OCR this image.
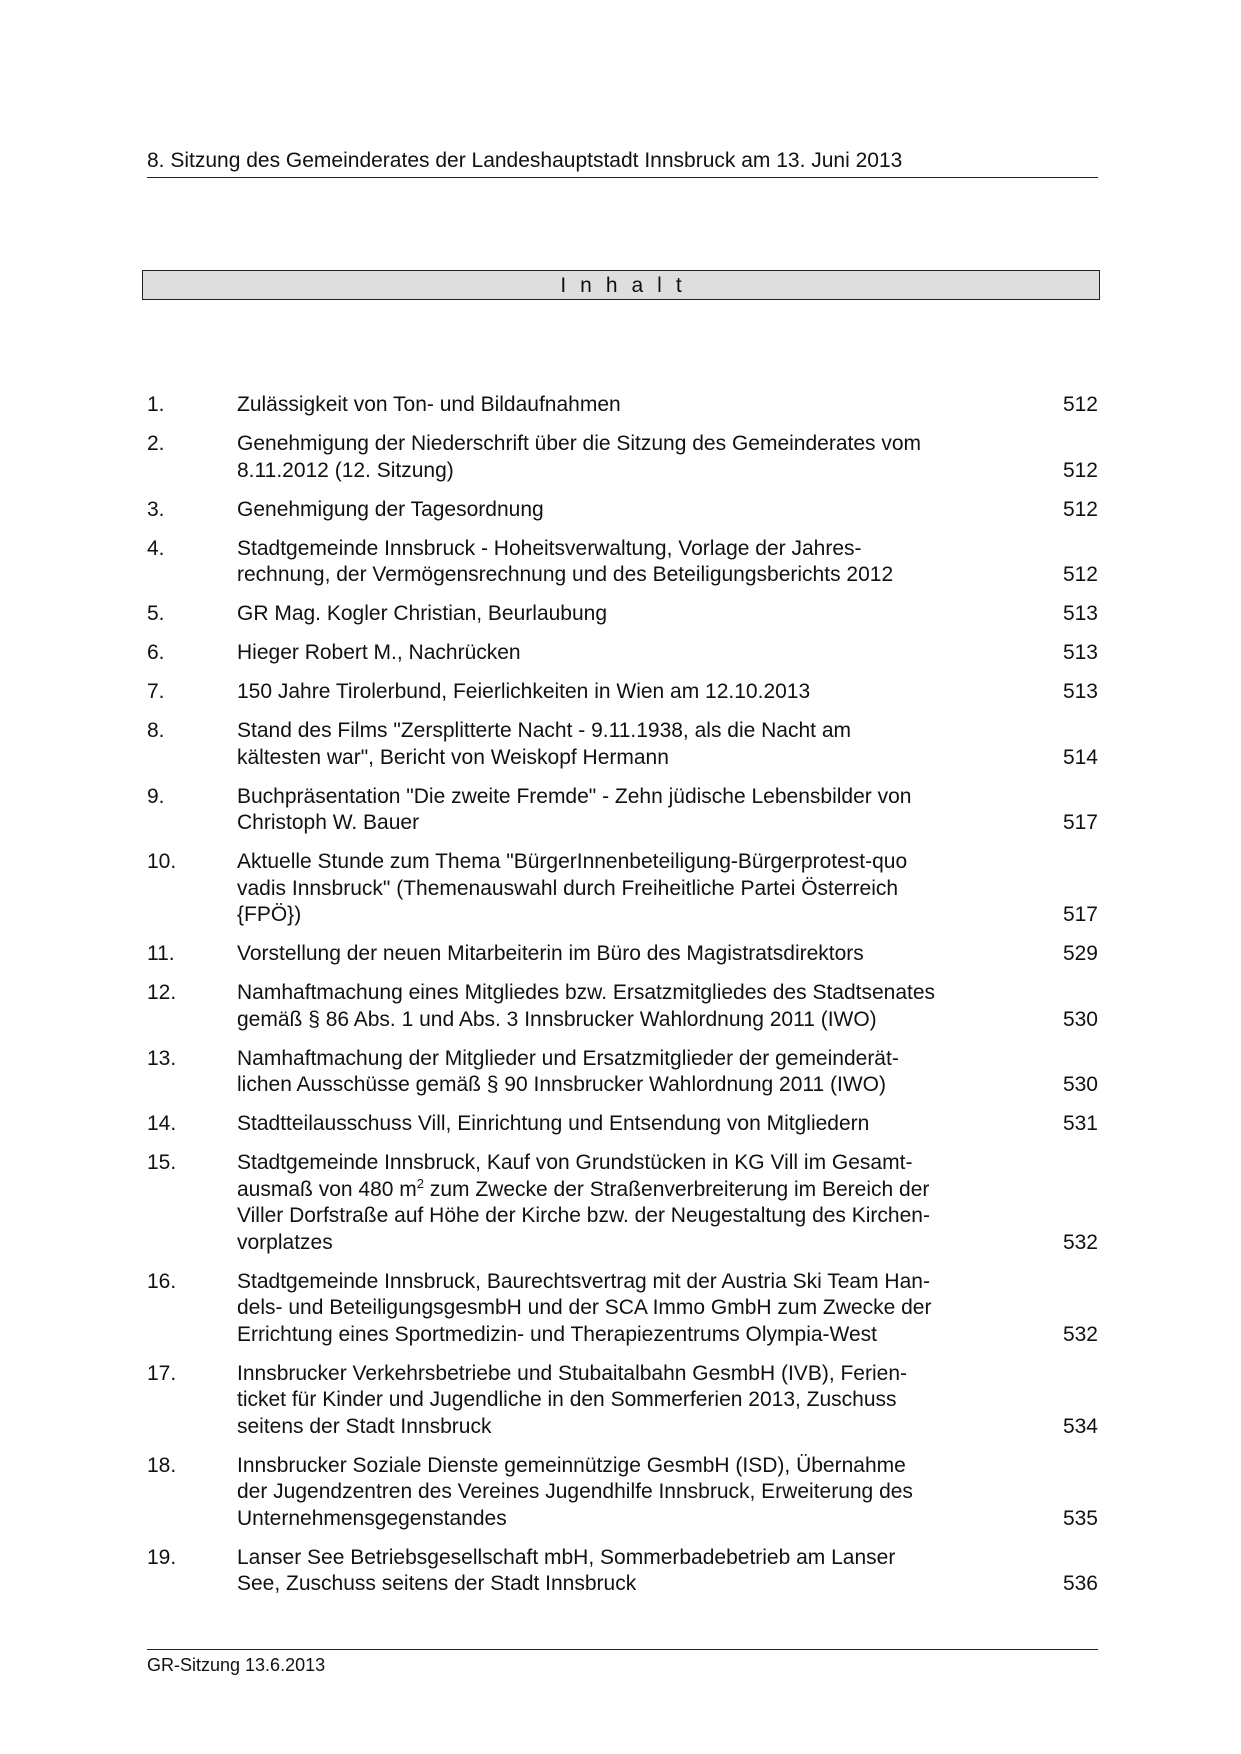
8. Sitzung des Gemeinderates der Landeshauptstadt Innsbruck am 13. Juni 2013
Inhalt
1.	Zulässigkeit von Ton- und Bildaufnahmen	512
2.	Genehmigung der Niederschrift über die Sitzung des Gemeinderates vom
8.11.2012 (12. Sitzung)	512
3.	Genehmigung der Tagesordnung	512
4.	Stadtgemeinde Innsbruck - Hoheitsverwaltung, Vorlage der Jahres-
rechnung, der Vermögensrechnung und des Beteiligungsberichts 2012	512
5.	GR Mag. Kogler Christian, Beurlaubung	513
6.	Hieger Robert M., Nachrücken	513
7.	150 Jahre Tirolerbund, Feierlichkeiten in Wien am 12.10.2013	513
8.	Stand des Films "Zersplitterte Nacht - 9.11.1938, als die Nacht am
kältesten war", Bericht von Weiskopf Hermann	514
9.	Buchpräsentation "Die zweite Fremde" - Zehn jüdische Lebensbilder von
Christoph W. Bauer	517
10.	Aktuelle Stunde zum Thema "BürgerInnenbeteiligung-Bürgerprotest-quo
vadis Innsbruck" (Themenauswahl durch Freiheitliche Partei Österreich
{FPÖ})	517
11.	Vorstellung der neuen Mitarbeiterin im Büro des Magistratsdirektors	529
12.	Namhaftmachung eines Mitgliedes bzw. Ersatzmitgliedes des Stadtsenates
gemäß § 86 Abs. 1 und Abs. 3 Innsbrucker Wahlordnung 2011 (IWO)	530
13.	Namhaftmachung der Mitglieder und Ersatzmitglieder der gemeinderät-
lichen Ausschüsse gemäß § 90 Innsbrucker Wahlordnung 2011 (IWO)	530
14.	Stadtteilausschuss Vill, Einrichtung und Entsendung von Mitgliedern	531
15.	Stadtgemeinde Innsbruck, Kauf von Grundstücken in KG Vill im Gesamt-
ausmaß von 480 $m^2$ zum Zwecke der Straßenverbreiterung im Bereich der
Viller Dorfstraße auf Höhe der Kirche bzw. der Neugestaltung des Kirchen-
vorplatzes	532
16.	Stadtgemeinde Innsbruck, Baurechtsvertrag mit der Austria Ski Team Han-
dels- und BeteiligungsgesmbH und der SCA Immo GmbH zum Zwecke der
Errichtung eines Sportmedizin- und Therapiezentrums Olympia-West	532
17.	Innsbrucker Verkehrsbetriebe und Stubaitalbahn GesmbH (IVB), Ferien-
ticket für Kinder und Jugendliche in den Sommerferien 2013, Zuschuss
seitens der Stadt Innsbruck	534
18.	Innsbrucker Soziale Dienste gemeinnützige GesmbH (ISD), Übernahme
der Jugendzentren des Vereines Jugendhilfe Innsbruck, Erweiterung des
Unternehmensgegenstandes	535
19.	Lanser See Betriebsgesellschaft mbH, Sommerbadebetrieb am Lanser
See, Zuschuss seitens der Stadt Innsbruck	536
GR-Sitzung 13.6.2013
